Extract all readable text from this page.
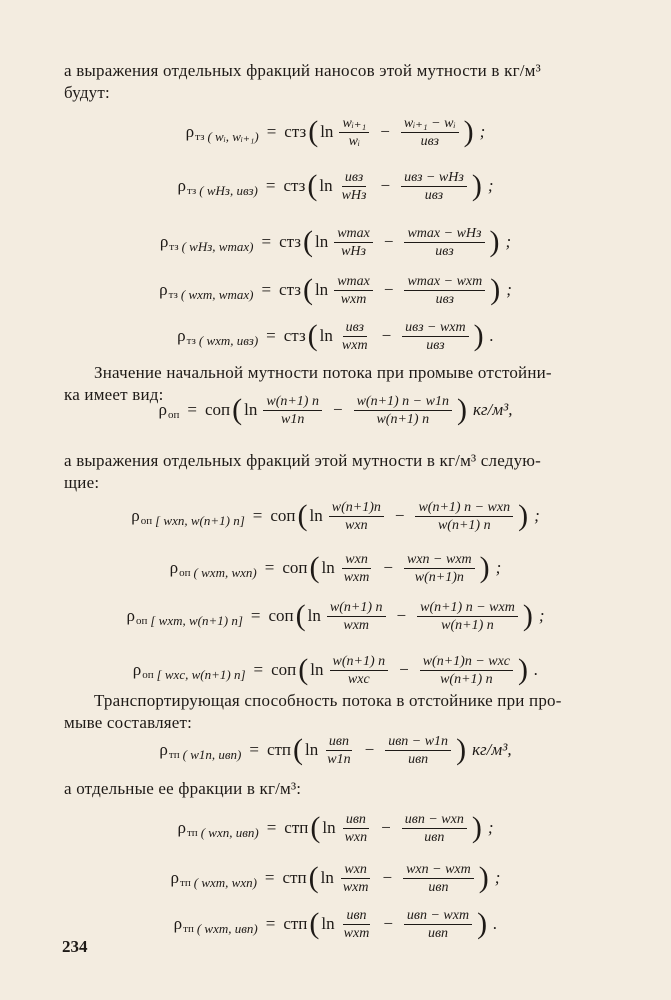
а выражения отдельных фракций наносов этой мутности в кг/м³
будут:
Значение начальной мутности потока при промыве отстойни-
ка имеет вид:
а выражения отдельных фракций этой мутности в кг/м³ следую-
щие:
Транспортирующая способность потока в отстойнике при про-
мыве составляет:
а отдельные ее фракции в кг/м³:
ρ тз ( wᵢ, wᵢ₊₁) = cтз ( $\ln \frac{\text{wᵢ₊₁}}{\text{wᵢ}} - \frac{\text{wᵢ₊₁ − wᵢ}}{\text{uвз}}$ ) ;
ρ тз ( wHз, uвз) = cтз ( $\ln \frac{\text{uвз}}{\text{wHз}} - \frac{\text{uвз − wHз}}{\text{uвз}}$ ) ;
ρ тз ( wHз, wmax) = cтз ( $\ln \frac{wmax}{\text{wHз}} - \frac{\text{wmax − wHз}}{\text{uвз}}$ ) ;
ρ тз ( wxm, wmax) = cтз ( $\ln \frac{wmax}{\text{wxm}} - \frac{\text{wmax − wxm}}{\text{uвз}}$ ) ;
ρ тз ( wxm, uвз) = cтз ( $\ln \frac{\text{uвз}}{\text{wxm}} - \frac{\text{uвз − wxm}}{\text{uвз}}$ ) .
ρ оп = cоп ( $\ln \frac{w(n+1) п}{w1п} - \frac{w(n+1) п - w1п}{w(n+1) п}$ ) кг/м³,
ρ оп [ wxп, w(n+1) п] = cоп ( $\ln \frac{w(n+1)п}{\text{wxп}} - \frac{\text{w(n+1) п − wxп}}{w(n+1) п}$ ) ;
ρ оп ( wxm, wxп) = cоп ( $\ln \frac{\text{wxп}}{\text{wxm}} - \frac{\text{wxп − wxm}}{w(n+1)п}$ ) ;
ρ оп [ wxm, w(n+1) п] = cоп ( $\ln \frac{w(n+1) п}{\text{wxm}} - \frac{\text{w(n+1) п − wxm}}{w(n+1) п}$ ) ;
ρ оп [ wxc, w(n+1) п] = cоп ( $\ln \frac{w(n+1) п}{\text{wxc}} - \frac{\text{w(n+1)п − wxc}}{w(n+1) п}$ ) .
ρ тп ( w1п, uвп) = cтп ( $\ln \frac{\text{uвп}}{w1п} - \frac{\text{uвп − w1п}}{\text{uвп}}$ ) кг/м³,
ρ тп ( wxп, uвп) = cтп ( $\ln \frac{\text{uвп}}{\text{wxп}} - \frac{\text{uвп − wxп}}{\text{uвп}}$ ) ;
ρ тп ( wxm, wxп) = cтп ( $\ln \frac{\text{wxп}}{\text{wxm}} - \frac{\text{wxп − wxm}}{\text{uвп}}$ ) ;
ρ тп ( wxm, uвп) = cтп ( $\ln \frac{\text{uвп}}{\text{wxm}} - \frac{\text{uвп − wxm}}{\text{uвп}}$ ) .
234
